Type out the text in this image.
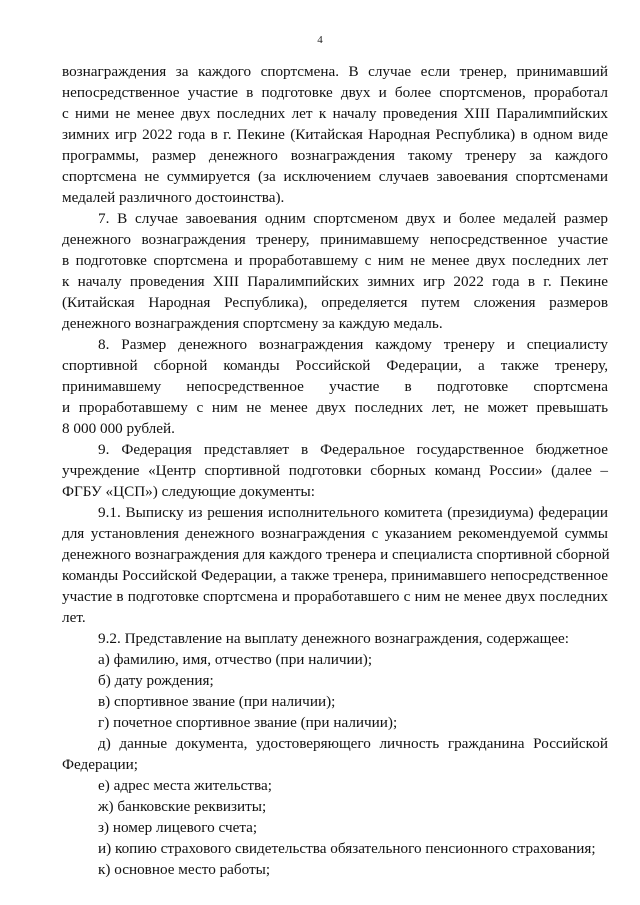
4
вознаграждения за каждого спортсмена. В случае если тренер, принимавший
непосредственное участие в подготовке двух и более спортсменов, проработал
с ними не менее двух последних лет к началу проведения XIII Паралимпийских
зимних игр 2022 года в г. Пекине (Китайская Народная Республика) в одном виде
программы, размер денежного вознаграждения такому тренеру за каждого
спортсмена не суммируется (за исключением случаев завоевания спортсменами
медалей различного достоинства).
7. В случае завоевания одним спортсменом двух и более медалей размер
денежного вознаграждения тренеру, принимавшему непосредственное участие
в подготовке спортсмена и проработавшему с ним не менее двух последних лет
к началу проведения XIII Паралимпийских зимних игр 2022 года в г. Пекине
(Китайская Народная Республика), определяется путем сложения размеров
денежного вознаграждения спортсмену за каждую медаль.
8. Размер денежного вознаграждения каждому тренеру и специалисту
спортивной сборной команды Российской Федерации, а также тренеру,
принимавшему непосредственное участие в подготовке спортсмена
и проработавшему с ним не менее двух последних лет, не может превышать
8 000 000 рублей.
9. Федерация представляет в Федеральное государственное бюджетное
учреждение «Центр спортивной подготовки сборных команд России» (далее –
ФГБУ «ЦСП») следующие документы:
9.1. Выписку из решения исполнительного комитета (президиума) федерации
для установления денежного вознаграждения с указанием рекомендуемой суммы
денежного вознаграждения для каждого тренера и специалиста спортивной сборной
команды Российской Федерации, а также тренера, принимавшего непосредственное
участие в подготовке спортсмена и проработавшего с ним не менее двух последних
лет.
9.2. Представление на выплату денежного вознаграждения, содержащее:
а) фамилию, имя, отчество (при наличии);
б) дату рождения;
в) спортивное звание (при наличии);
г) почетное спортивное звание (при наличии);
д) данные документа, удостоверяющего личность гражданина Российской
Федерации;
е) адрес места жительства;
ж) банковские реквизиты;
з) номер лицевого счета;
и) копию страхового свидетельства обязательного пенсионного страхования;
к) основное место работы;
